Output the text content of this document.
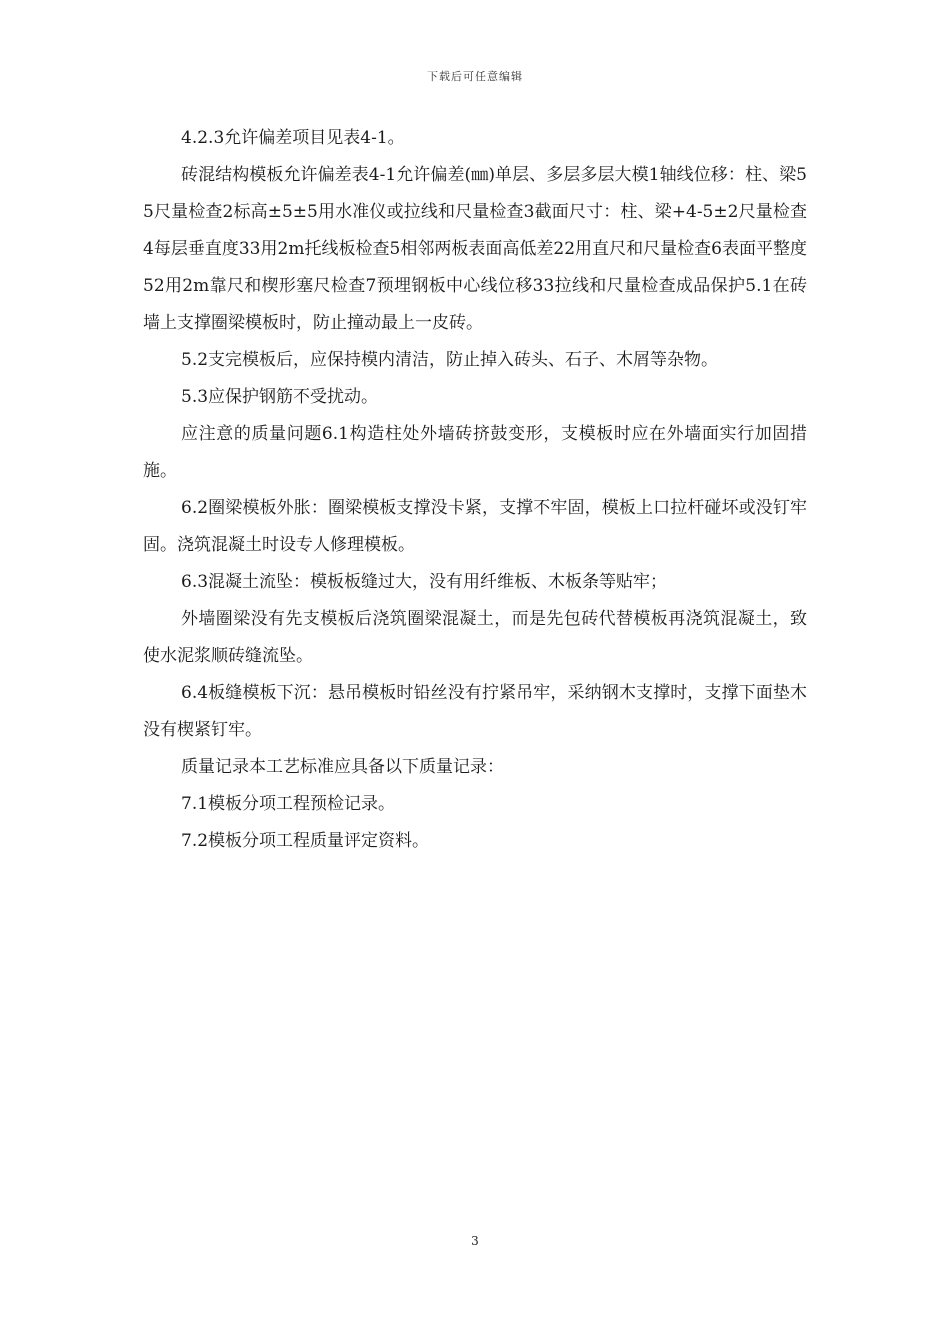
下载后可任意编辑

4.2.3允许偏差项目见表4-1。

砖混结构模板允许偏差表4-1允许偏差(㎜)单层、多层多层大模1轴线位移：柱、梁55尺量检查2标高±5±5用水准仪或拉线和尺量检查3截面尺寸：柱、梁+4-5±2尺量检查4每层垂直度33用2m托线板检查5相邻两板表面高低差22用直尺和尺量检查6表面平整度52用2m靠尺和楔形塞尺检查7预埋钢板中心线位移33拉线和尺量检查成品保护5.1在砖墙上支撑圈梁模板时，防止撞动最上一皮砖。

5.2支完模板后，应保持模内清洁，防止掉入砖头、石子、木屑等杂物。

5.3应保护钢筋不受扰动。

应注意的质量问题6.1构造柱处外墙砖挤鼓变形，支模板时应在外墙面实行加固措施。

6.2圈梁模板外胀：圈梁模板支撑没卡紧，支撑不牢固，模板上口拉杆碰坏或没钉牢固。浇筑混凝土时设专人修理模板。

6.3混凝土流坠：模板板缝过大，没有用纤维板、木板条等贴牢；

外墙圈梁没有先支模板后浇筑圈梁混凝土，而是先包砖代替模板再浇筑混凝土，致使水泥浆顺砖缝流坠。

6.4板缝模板下沉：悬吊模板时铅丝没有拧紧吊牢，采纳钢木支撑时，支撑下面垫木没有楔紧钉牢。

质量记录本工艺标准应具备以下质量记录：

7.1模板分项工程预检记录。

7.2模板分项工程质量评定资料。

3
